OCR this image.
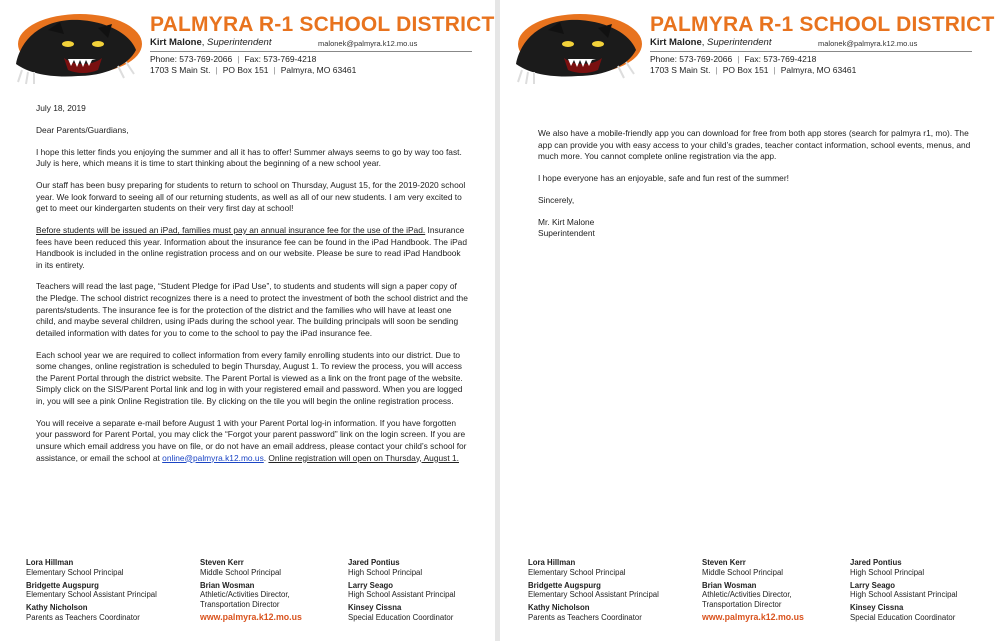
PALMYRA R-1 SCHOOL DISTRICT
Kirt Malone, Superintendent	malonek@palmyra.k12.mo.us
Phone: 573-769-2066 | Fax: 573-769-4218
1703 S Main St. | PO Box 151 | Palmyra, MO 63461

July 18, 2019

Dear Parents/Guardians,

I hope this letter finds you enjoying the summer and all it has to offer! Summer always seems to go by way too fast. July is here, which means it is time to start thinking about the beginning of a new school year.

Our staff has been busy preparing for students to return to school on Thursday, August 15, for the 2019-2020 school year. We look forward to seeing all of our returning students, as well as all of our new students. I am very excited to get to meet our kindergarten students on their very first day at school!

Before students will be issued an iPad, families must pay an annual insurance fee for the use of the iPad. Insurance fees have been reduced this year. Information about the insurance fee can be found in the iPad Handbook. The iPad Handbook is included in the online registration process and on our website. Please be sure to read iPad Handbook in its entirety.

Teachers will read the last page, “Student Pledge for iPad Use”, to students and students will sign a paper copy of the Pledge. The school district recognizes there is a need to protect the investment of both the school district and the parents/students. The insurance fee is for the protection of the district and the families who will have at least one child, and maybe several children, using iPads during the school year. The building principals will soon be sending detailed information with dates for you to come to the school to pay the iPad insurance fee.

Each school year we are required to collect information from every family enrolling students into our district. Due to some changes, online registration is scheduled to begin Thursday, August 1. To review the process, you will access the Parent Portal through the district website. The Parent Portal is viewed as a link on the front page of the website. Simply click on the SIS/Parent Portal link and log in with your registered email and password. When you are logged in, you will see a pink Online Registration tile. By clicking on the tile you will begin the online registration process.

You will receive a separate e-mail before August 1 with your Parent Portal log-in information. If you have forgotten your password for Parent Portal, you may click the “Forgot your parent password” link on the login screen. If you are unsure which email address you have on file, or do not have an email address, please contact your child’s school for assistance, or email the school at online@palmyra.k12.mo.us. Online registration will open on Thursday, August 1.

Lora Hillman
Elementary School Principal
Bridgette Augspurg
Elementary School Assistant Principal
Kathy Nicholson
Parents as Teachers Coordinator
Steven Kerr
Middle School Principal
Brian Wosman
Athletic/Activities Director,
Transportation Director
www.palmyra.k12.mo.us
Jared Pontius
High School Principal
Larry Seago
High School Assistant Principal
Kinsey Cissna
Special Education Coordinator
PALMYRA R-1 SCHOOL DISTRICT
Kirt Malone, Superintendent	malonek@palmyra.k12.mo.us
Phone: 573-769-2066 | Fax: 573-769-4218
1703 S Main St. | PO Box 151 | Palmyra, MO 63461

We also have a mobile-friendly app you can download for free from both app stores (search for palmyra r1, mo). The app can provide you with easy access to your child’s grades, teacher contact information, school events, menus, and much more. You cannot complete online registration via the app.

I hope everyone has an enjoyable, safe and fun rest of the summer!

Sincerely,

Mr. Kirt Malone
Superintendent
Lora Hillman
Elementary School Principal
Bridgette Augspurg
Elementary School Assistant Principal
Kathy Nicholson
Parents as Teachers Coordinator
Steven Kerr
Middle School Principal
Brian Wosman
Athletic/Activities Director,
Transportation Director
www.palmyra.k12.mo.us
Jared Pontius
High School Principal
Larry Seago
High School Assistant Principal
Kinsey Cissna
Special Education Coordinator
